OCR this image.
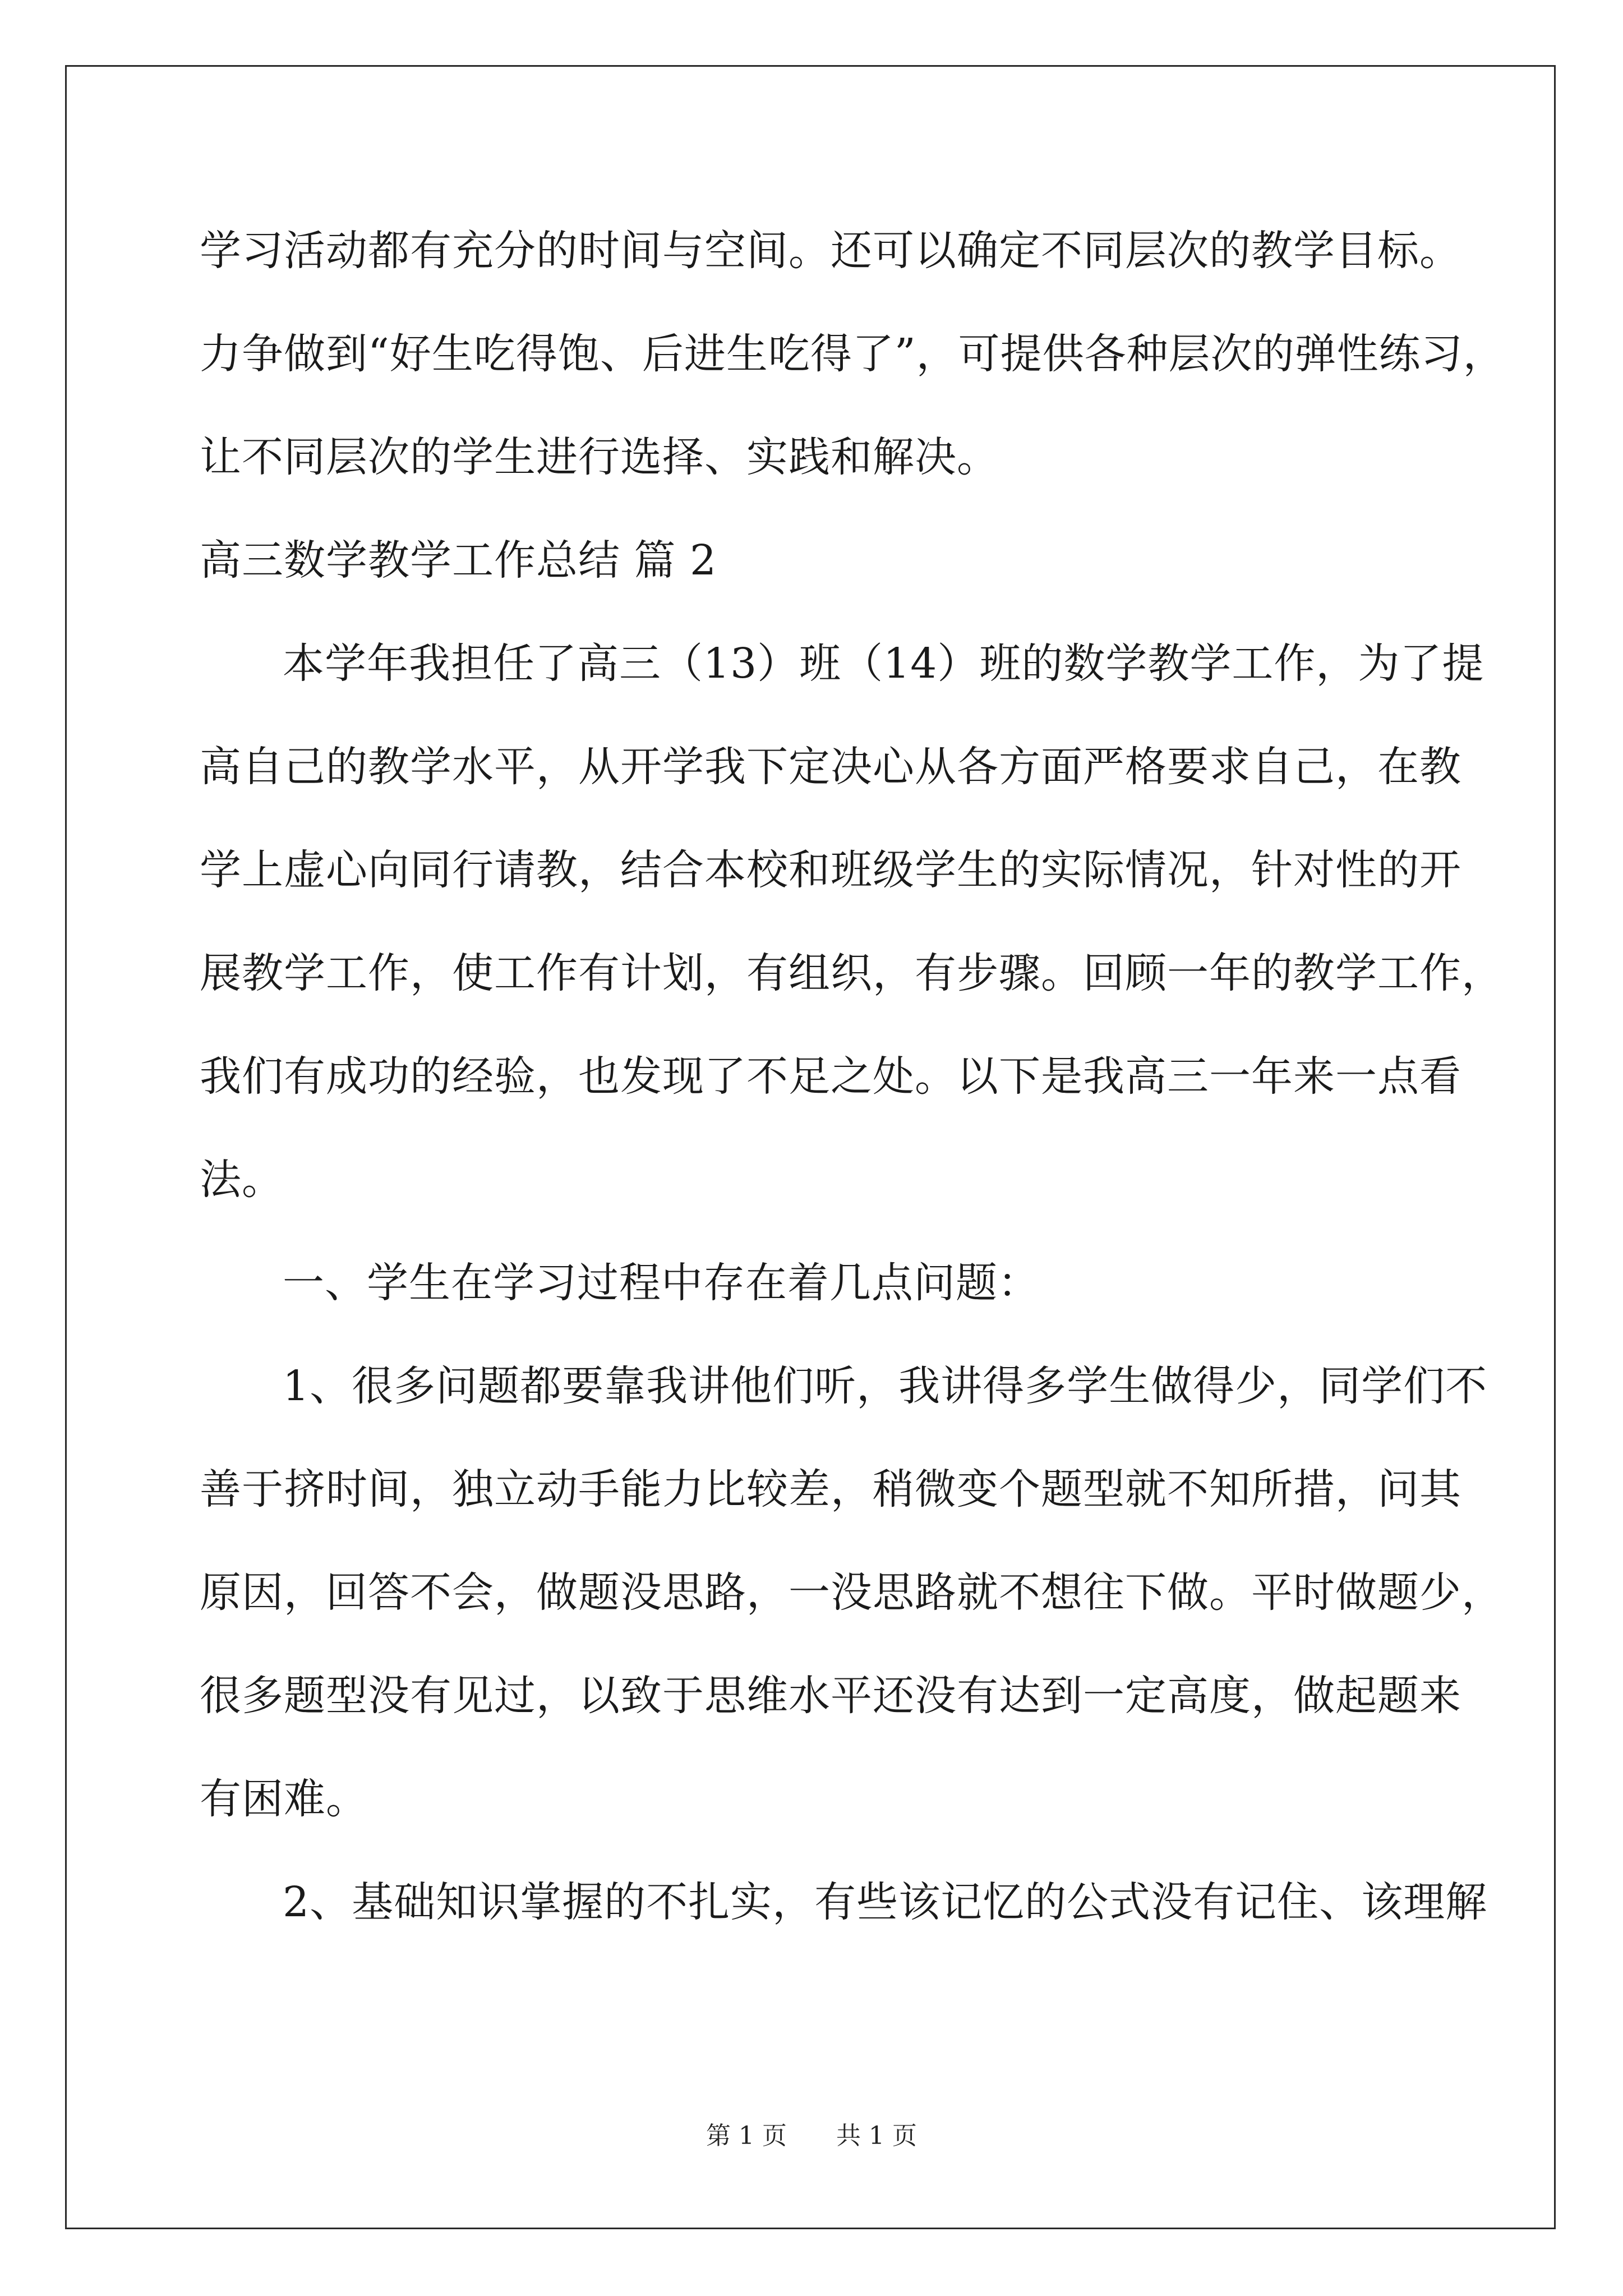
学习活动都有充分的时间与空间。还可以确定不同层次的教学目标。
力争做到“好生吃得饱、后进生吃得了”，可提供各种层次的弹性练习，
让不同层次的学生进行选择、实践和解决。
高三数学教学工作总结 篇 2
本学年我担任了高三（13）班（14）班的数学教学工作，为了提
高自己的教学水平，从开学我下定决心从各方面严格要求自己，在教
学上虚心向同行请教，结合本校和班级学生的实际情况，针对性的开
展教学工作，使工作有计划，有组织，有步骤。回顾一年的教学工作，
我们有成功的经验，也发现了不足之处。以下是我高三一年来一点看
法。
一、学生在学习过程中存在着几点问题：
1、很多问题都要靠我讲他们听，我讲得多学生做得少，同学们不
善于挤时间，独立动手能力比较差，稍微变个题型就不知所措，问其
原因，回答不会，做题没思路，一没思路就不想往下做。平时做题少，
很多题型没有见过，以致于思维水平还没有达到一定高度，做起题来
有困难。
2、基础知识掌握的不扎实，有些该记忆的公式没有记住、该理解
第 1 页 共 1 页
